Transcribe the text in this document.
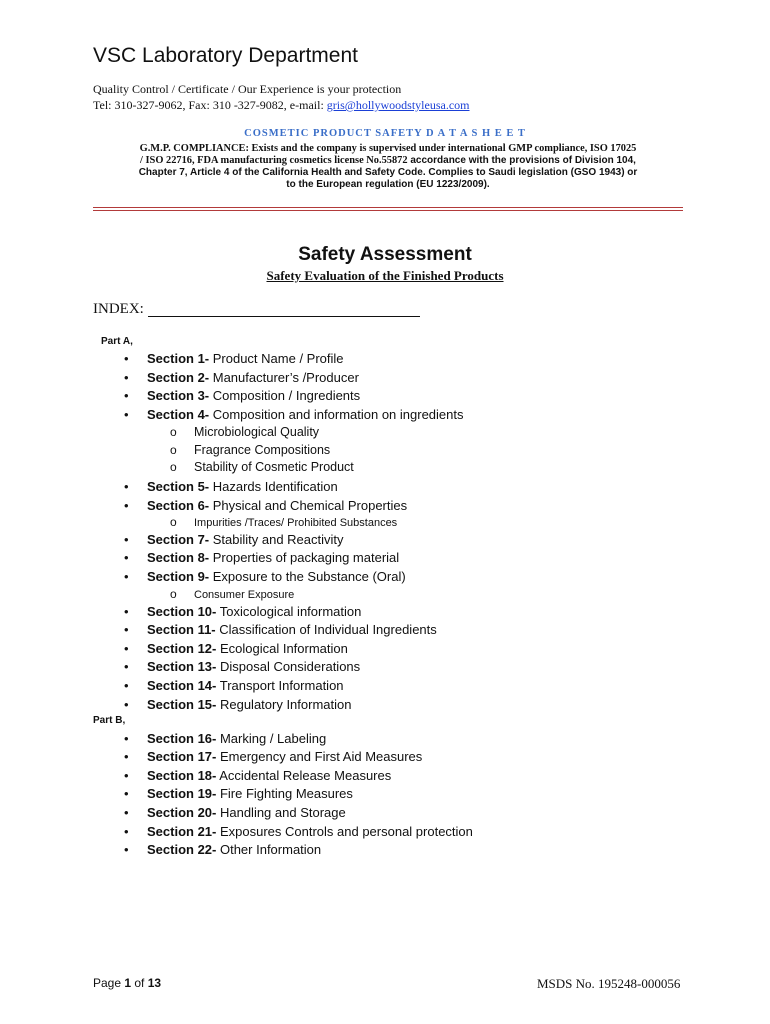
VSC Laboratory Department
Quality Control / Certificate / Our Experience is your protection
Tel: 310-327-9062, Fax: 310 -327-9082, e-mail: gris@hollywoodstyleusa.com
COSMETIC PRODUCT SAFETY D A T A S H E E T
G.M.P. COMPLIANCE: Exists and the company is supervised under international GMP compliance, ISO 17025
/ ISO 22716, FDA manufacturing cosmetics license No.55872 accordance with the provisions of Division 104,
Chapter 7, Article 4 of the California Health and Safety Code. Complies to Saudi legislation (GSO 1943) or
to the European regulation (EU 1223/2009).
Safety Assessment
Safety Evaluation of the Finished Products
INDEX:
Part A,
• Section 1- Product Name / Profile
• Section 2- Manufacturer’s /Producer
• Section 3- Composition / Ingredients
• Section 4- Composition and information on ingredients
o Microbiological Quality
o Fragrance Compositions
o Stability of Cosmetic Product
• Section 5- Hazards Identification
• Section 6- Physical and Chemical Properties
o Impurities /Traces/ Prohibited Substances
• Section 7- Stability and Reactivity
• Section 8- Properties of packaging material
• Section 9- Exposure to the Substance (Oral)
o Consumer Exposure
• Section 10- Toxicological information
• Section 11- Classification of Individual Ingredients
• Section 12- Ecological Information
• Section 13- Disposal Considerations
• Section 14- Transport Information
• Section 15- Regulatory Information
Part B,
• Section 16- Marking / Labeling
• Section 17- Emergency and First Aid Measures
• Section 18- Accidental Release Measures
• Section 19- Fire Fighting Measures
• Section 20- Handling and Storage
• Section 21- Exposures Controls and personal protection
• Section 22- Other Information
Page 1 of 13	MSDS No. 195248-000056
